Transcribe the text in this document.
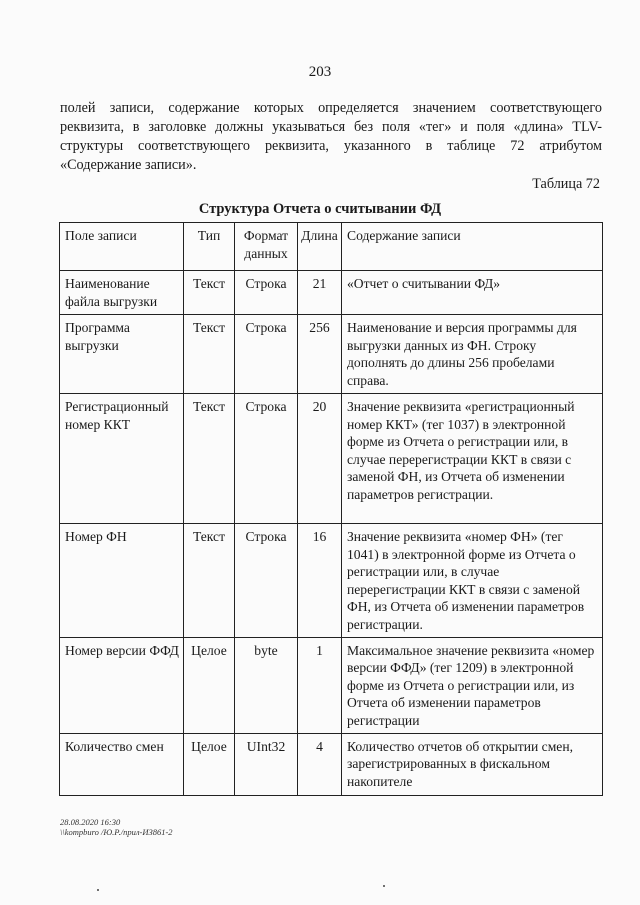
203
полей записи, содержание которых определяется значением соответствующего реквизита, в заголовке должны указываться без поля «тег» и поля «длина» TLV-структуры соответствующего реквизита, указанного в таблице 72 атрибутом «Содержание записи».
Таблица 72
Структура Отчета о считывании ФД
Поле записи	Тип	Формат данных	Длина	Содержание записи
Наименование файла выгрузки	Текст	Строка	21	«Отчет о считывании ФД»
Программа выгрузки	Текст	Строка	256	Наименование и версия программы для выгрузки данных из ФН. Строку дополнять до длины 256 пробелами справа.
Регистрационный номер ККТ	Текст	Строка	20	Значение реквизита «регистрационный номер ККТ» (тег 1037) в электронной форме из Отчета о регистрации или, в случае перерегистрации ККТ в связи с заменой ФН, из Отчета об изменении параметров регистрации.
Номер ФН	Текст	Строка	16	Значение реквизита «номер ФН» (тег 1041) в электронной форме из Отчета о регистрации или, в случае перерегистрации ККТ в связи с заменой ФН, из Отчета об изменении параметров регистрации.
Номер версии ФФД	Целое	byte	1	Максимальное значение реквизита «номер версии ФФД» (тег 1209) в электронной форме из Отчета о регистрации или, из Отчета об изменении параметров регистрации
Количество смен	Целое	UInt32	4	Количество отчетов об открытии смен, зарегистрированных в фискальном накопителе
28.08.2020 16:30
\\kompburo /Ю.Р./прил-ИЗ861-2
